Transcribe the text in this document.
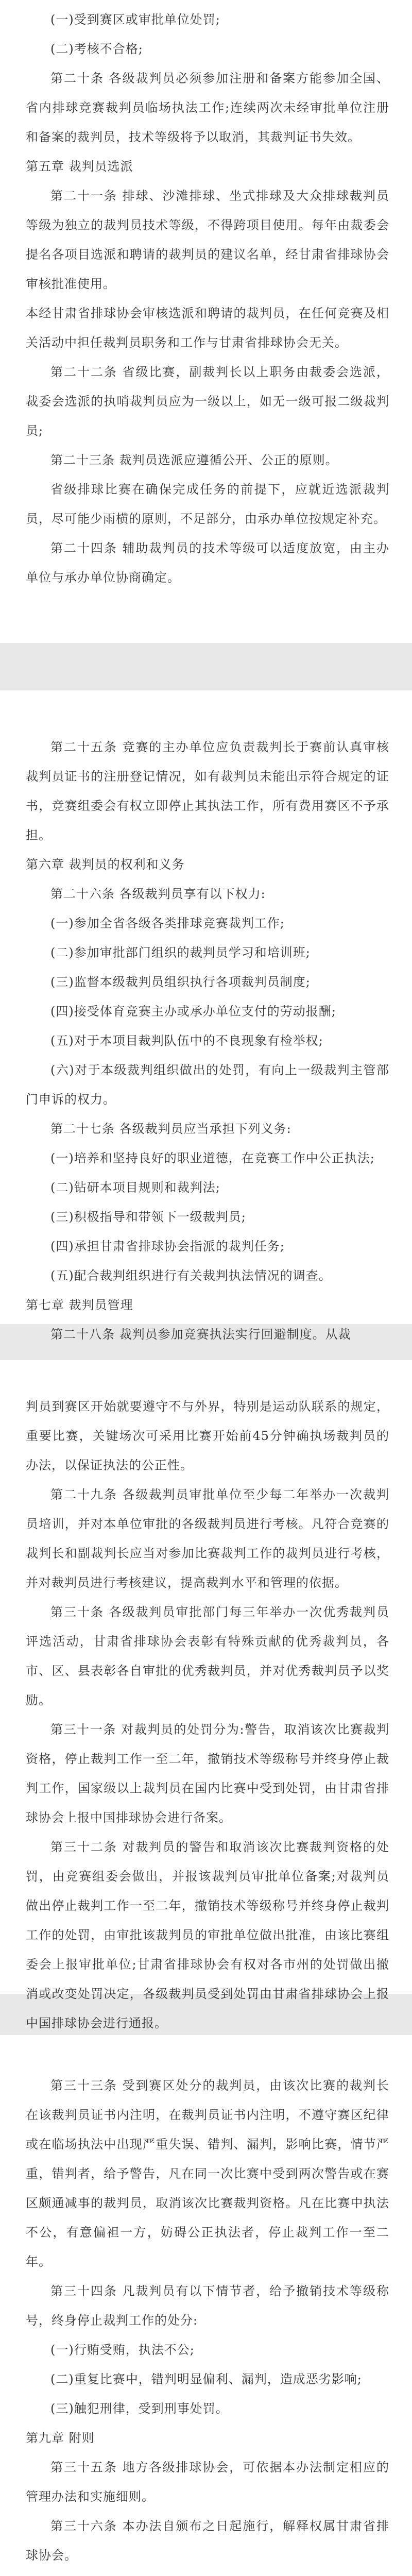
(一)受到赛区或审批单位处罚;

(二)考核不合格;

第二十条 各级裁判员必须参加注册和备案方能参加全国、省内排球竞赛裁判员临场执法工作;连续两次未经审批单位注册和备案的裁判员，技术等级将予以取消，其裁判证书失效。

第五章 裁判员选派

第二十一条 排球、沙滩排球、坐式排球及大众排球裁判员等级为独立的裁判员技术等级，不得跨项目使用。每年由裁委会提名各项目选派和聘请的裁判员的建议名单，经甘肃省排球协会审核批准使用。

本经甘肃省排球协会审核选派和聘请的裁判员，在任何竞赛及相关活动中担任裁判员职务和工作与甘肃省排球协会无关。

第二十二条 省级比赛，副裁判长以上职务由裁委会选派，裁委会选派的执哨裁判员应为一级以上，如无一级可报二级裁判员;

第二十三条 裁判员选派应遵循公开、公正的原则。

省级排球比赛在确保完成任务的前提下，应就近选派裁判员，尽可能少雨横的原则，不足部分，由承办单位按规定补充。

第二十四条 辅助裁判员的技术等级可以适度放宽，由主办单位与承办单位协商确定。

第二十五条 竞赛的主办单位应负责裁判长于赛前认真审核裁判员证书的注册登记情况，如有裁判员未能出示符合规定的证书，竞赛组委会有权立即停止其执法工作，所有费用赛区不予承担。

第六章 裁判员的权利和义务

第二十六条 各级裁判员享有以下权力:

(一)参加全省各级各类排球竞赛裁判工作;

(二)参加审批部门组织的裁判员学习和培训班;

(三)监督本级裁判员组织执行各项裁判员制度;

(四)接受体育竞赛主办或承办单位支付的劳动报酬;

(五)对于本项目裁判队伍中的不良现象有检举权;

(六)对于本级裁判组织做出的处罚，有向上一级裁判主管部门申诉的权力。

第二十七条 各级裁判员应当承担下列义务:

(一)培养和坚持良好的职业道德，在竞赛工作中公正执法;

(二)钻研本项目规则和裁判法;

(三)积极指导和带领下一级裁判员;

(四)承担甘肃省排球协会指派的裁判任务;

(五)配合裁判组织进行有关裁判执法情况的调查。

第七章 裁判员管理

第二十八条 裁判员参加竞赛执法实行回避制度。从裁

判员到赛区开始就要遵守不与外界，特别是运动队联系的规定，重要比赛，关键场次可采用比赛开始前45分钟确执场裁判员的办法，以保证执法的公正性。

第二十九条 各级裁判员审批单位至少每二年举办一次裁判员培训，并对本单位审批的各级裁判员进行考核。凡符合竞赛的裁判长和副裁判长应当对参加比赛裁判工作的裁判员进行考核，并对裁判员进行考核建议，提高裁判水平和管理的依据。

第三十条 各级裁判员审批部门每三年举办一次优秀裁判员评选活动，甘肃省排球协会表彰有特殊贡献的优秀裁判员，各市、区、县表彰各自审批的优秀裁判员，并对优秀裁判员予以奖励。

第三十一条 对裁判员的处罚分为:警告，取消该次比赛裁判资格，停止裁判工作一至二年，撤销技术等级称号并终身停止裁判工作，国家级以上裁判员在国内比赛中受到处罚，由甘肃省排球协会上报中国排球协会进行备案。

第三十二条 对裁判员的警告和取消该次比赛裁判资格的处罚，由竞赛组委会做出，并报该裁判员审批单位备案;对裁判员做出停止裁判工作一至二年，撤销技术等级称号并终身停止裁判工作的处罚，由审批该裁判员的审批单位做出批准，由该比赛组委会上报审批单位;甘肃省排球协会有权对各市州的处罚做出撤消或改变处罚决定，各级裁判员受到处罚由甘肃省排球协会上报中国排球协会进行通报。

第三十三条 受到赛区处分的裁判员，由该次比赛的裁判长在该裁判员证书内注明，在裁判员证书内注明，不遵守赛区纪律或在临场执法中出现严重失误、错判、漏判，影响比赛，情节严重，错判者，给予警告，凡在同一次比赛中受到两次警告或在赛区颇通减事的裁判员，取消该次比赛裁判资格。凡在比赛中执法不公，有意偏袒一方，妨碍公正执法者，停止裁判工作一至二年。

第三十四条 凡裁判员有以下情节者，给予撤销技术等级称号，终身停止裁判工作的处分:

(一)行贿受贿，执法不公;

(二)重复比赛中，错判明显偏利、漏判，造成恶劣影响;

(三)触犯刑律，受到刑事处罚。

第九章 附则

第三十五条 地方各级排球协会，可依据本办法制定相应的管理办法和实施细则。

第三十六条 本办法自颁布之日起施行，解释权属甘肃省排球协会。
